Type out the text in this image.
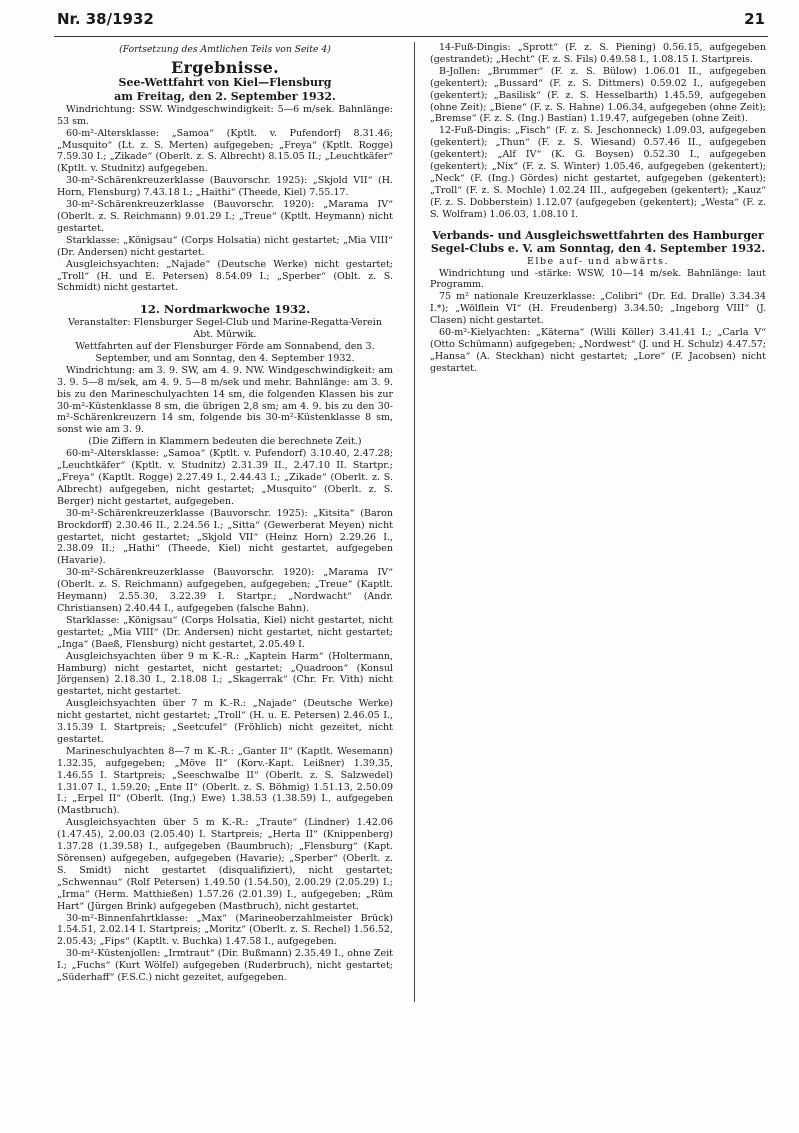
Nr. 38/1932	21

(Fortsetzung des Amtlichen Teils von Seite 4)

Ergebnisse.
See-Wettfahrt von Kiel—Flensburg
am Freitag, den 2. September 1932.

Windrichtung: SSW. Windgeschwindigkeit: 5—6 m/sek. Bahnlänge: 53 sm.

60-m²-Altersklasse: „Samoa“ (Kptlt. v. Pufendorf) 8.31.46; „Musquito“ (Lt. z. S. Merten) aufgegeben; „Freya“ (Kptlt. Rogge) 7.59.30 I.; „Zikade“ (Oberlt. z. S. Albrecht) 8.15.05 II.; „Leuchtkäfer“ (Kptlt. v. Studnitz) aufgegeben.

30-m²-Schärenkreuzerklasse (Bauvorschr. 1925): „Skjold VII“ (H. Horn, Flensburg) 7.43.18 I.; „Haithi“ (Theede, Kiel) 7.55.17.

30-m²-Schärenkreuzerklasse (Bauvorschr. 1920): „Marama IV“ (Oberlt. z. S. Reichmann) 9.01.29 I.; „Treue“ (Kptlt. Heymann) nicht gestartet.

Starklasse: „Königsau“ (Corps Holsatia) nicht gestartet; „Mia VIII“ (Dr. Andersen) nicht gestartet.

Ausgleichsyachten: „Najade“ (Deutsche Werke) nicht gestartet; „Troll“ (H. und E. Petersen) 8.54.09 I.; „Sperber“ (Oblt. z. S. Schmidt) nicht gestartet.

12. Nordmarkwoche 1932.

Veranstalter: Flensburger Segel-Club und Marine-Regatta-Verein Abt. Mürwik.

Wettfahrten auf der Flensburger Förde am Sonnabend, den 3. September, und am Sonntag, den 4. September 1932.

Windrichtung: am 3. 9. SW, am 4. 9. NW. Windgeschwindigkeit: am 3. 9. 5—8 m/sek, am 4. 9. 5—8 m/sek und mehr. Bahnlänge: am 3. 9. bis zu den Marineschulyachten 14 sm, die folgenden Klassen bis zur 30-m²-Küstenklasse 8 sm, die übrigen 2,8 sm; am 4. 9. bis zu den 30-m²-Schärenkreuzern 14 sm, folgende bis 30-m²-Küstenklasse 8 sm, sonst wie am 3. 9.

(Die Ziffern in Klammern bedeuten die berechnete Zeit.)

60-m²-Altersklasse: „Samoa“ (Kptlt. v. Pufendorf) 3.10.40, 2.47.28; „Leuchtkäfer“ (Kptlt. v. Studnitz) 2.31.39 II., 2.47.10 II. Startpr.; „Freya“ (Kaptlt. Rogge) 2.27.49 I., 2.44.43 I.; „Zikade“ (Oberlt. z. S. Albrecht) aufgegeben, nicht gestartet; „Musquito“ (Oberlt. z. S. Berger) nicht gestartet, aufgegeben.

30-m²-Schärenkreuzerklasse (Bauvorschr. 1925): „Kitsita“ (Baron Brockdorff) 2.30.46 II., 2.24.56 I.; „Sitta“ (Gewerberat Meyen) nicht gestartet, nicht gestartet; „Skjold VII“ (Heinz Horn) 2.29.26 I., 2.38.09 II.; „Hathi“ (Theede, Kiel) nicht gestartet, aufgegeben (Havarie).

30-m²-Schärenkreuzerklasse (Bauvorschr. 1920): „Marama IV“ (Oberlt. z. S. Reichmann) aufgegeben, aufgegeben; „Treue“ (Kaptlt. Heymann) 2.55.30, 3.22.39 I. Startpr.; „Nordwacht“ (Andr. Christiansen) 2.40.44 I., aufgegeben (falsche Bahn).

Starklasse: „Königsau“ (Corps Holsatia, Kiel) nicht gestartet, nicht gestartet; „Mia VIII“ (Dr. Andersen) nicht gestartet, nicht gestartet; „Inga“ (Baeß, Flensburg) nicht gestartet, 2.05.49 I.

Ausgleichsyachten über 9 m K.-R.: „Kaptein Harm“ (Holtermann, Hamburg) nicht gestartet, nicht gestartet; „Quadroon“ (Konsul Jörgensen) 2.18.30 I., 2.18.08 I.; „Skagerrak“ (Chr. Fr. Vith) nicht gestartet, nicht gestartet.

Ausgleichsyachten über 7 m K.-R.: „Najade“ (Deutsche Werke) nicht gestartet, nicht gestartet; „Troll“ (H. u. E. Petersen) 2.46.05 I., 3.15.39 I. Startpreis; „Seetcufel“ (Fröhlich) nicht gezeitet, nicht gestartet.

Marineschulyachten 8—7 m K.-R.: „Ganter II“ (Kaptlt. Wesemann) 1.32.35, aufgegeben; „Möve II“ (Korv.-Kapt. Leißner) 1.39.35, 1.46.55 I. Startpreis; „Seeschwalbe II“ (Oberlt. z. S. Salzwedel) 1.31.07 I., 1.59.20; „Ente II“ (Oberlt. z. S. Böhmig) 1.51.13, 2.50.09 I.; „Erpel II“ (Oberlt. (Ing.) Ewe) 1.38.53 (1.38.59) I., aufgegeben (Mastbruch).

Ausgleichsyachten über 5 m K.-R.: „Traute“ (Lindner) 1.42.06 (1.47.45), 2.00.03 (2.05.40) I. Startpreis; „Herta II“ (Knippenberg) 1.37.28 (1.39.58) I., aufgegeben (Baumbruch); „Flensburg“ (Kapt. Sörensen) aufgegeben, aufgegeben (Havarie); „Sperber“ (Oberlt. z. S. Smidt) nicht gestartet (disqualifiziert), nicht gestartet; „Schwennau“ (Rolf Petersen) 1.49.50 (1.54.50), 2.00.29 (2.05.29) I.; „Irma“ (Herm. Matthießen) 1.57.26 (2.01.39) I., aufgegeben; „Rüm Hart“ (Jürgen Brink) aufgegeben (Mastbruch), nicht gestartet.

30-m²-Binnenfahrtklasse: „Max“ (Marineoberzahlmeister Brück) 1.54.51, 2.02.14 I. Startpreis; „Moritz“ (Oberlt. z. S. Rechel) 1.56.52, 2.05.43; „Fips“ (Kaptlt. v. Buchka) 1.47.58 I., aufgegeben.

30-m²-Küstenjollen: „Irmtraut“ (Dir. Bußmann) 2.35.49 I., ohne Zeit I.; „Fuchs“ (Kurt Wölfel) aufgegeben (Ruderbruch), nicht gestartet; „Süderhaff“ (F.S.C.) nicht gezeitet, aufgegeben.

14-Fuß-Dingis: „Sprott“ (F. z. S. Piening) 0.56.15, aufgegeben (gestrandet); „Hecht“ (F. z. S. Fils) 0.49.58 I., 1.08.15 I. Startpreis.

B-Jollen: „Brummer“ (F. z. S. Bülow) 1.06.01 II., aufgegeben (gekentert); „Bussard“ (F. z. S. Dittmers) 0.59.02 I., aufgegeben (gekentert); „Basilisk“ (F. z. S. Hesselbarth) 1.45.59, aufgegeben (ohne Zeit); „Biene“ (F. z. S. Hahne) 1.06.34, aufgegeben (ohne Zeit); „Bremse“ (F. z. S. (Ing.) Bastian) 1.19.47, aufgegeben (ohne Zeit).

12-Fuß-Dingis: „Fisch“ (F. z. S. Jeschonneck) 1.09.03, aufgegeben (gekentert); „Thun“ (F. z. S. Wiesand) 0.57.46 II., aufgegeben (gekentert); „Alf IV“ (K. G. Boysen) 0.52.30 I., aufgegeben (gekentert); „Nix“ (F. z. S. Winter) 1.05.46, aufgegeben (gekentert); „Neck“ (F. (Ing.) Gördes) nicht gestartet, aufgegeben (gekentert); „Troll“ (F. z. S. Mochle) 1.02.24 III., aufgegeben (gekentert); „Kauz“ (F. z. S. Dobberstein) 1.12.07 (aufgegeben (gekentert); „Westa“ (F. z. S. Wolfram) 1.06.03, 1.08.10 I.

Verbands- und Ausgleichswettfahrten des Hamburger Segel-Clubs e. V. am Sonntag, den 4. September 1932.

Elbe auf- und abwärts.

Windrichtung und -stärke: WSW, 10—14 m/sek. Bahnlänge: laut Programm.

75 m² nationale Kreuzerklasse: „Colibri“ (Dr. Ed. Dralle) 3.34.34 I.*); „Wölflein VI“ (H. Freudenberg) 3.34.50; „Ingeborg VIII“ (J. Clasen) nicht gestartet.

60-m²-Kielyachten: „Käterna“ (Willi Köller) 3.41.41 I.; „Carla V“ (Otto Schümann) aufgegeben; „Nordwest“ (J. und H. Schulz) 4.47.57; „Hansa“ (A. Steckhan) nicht gestartet; „Lore“ (F. Jacobsen) nicht gestartet.
